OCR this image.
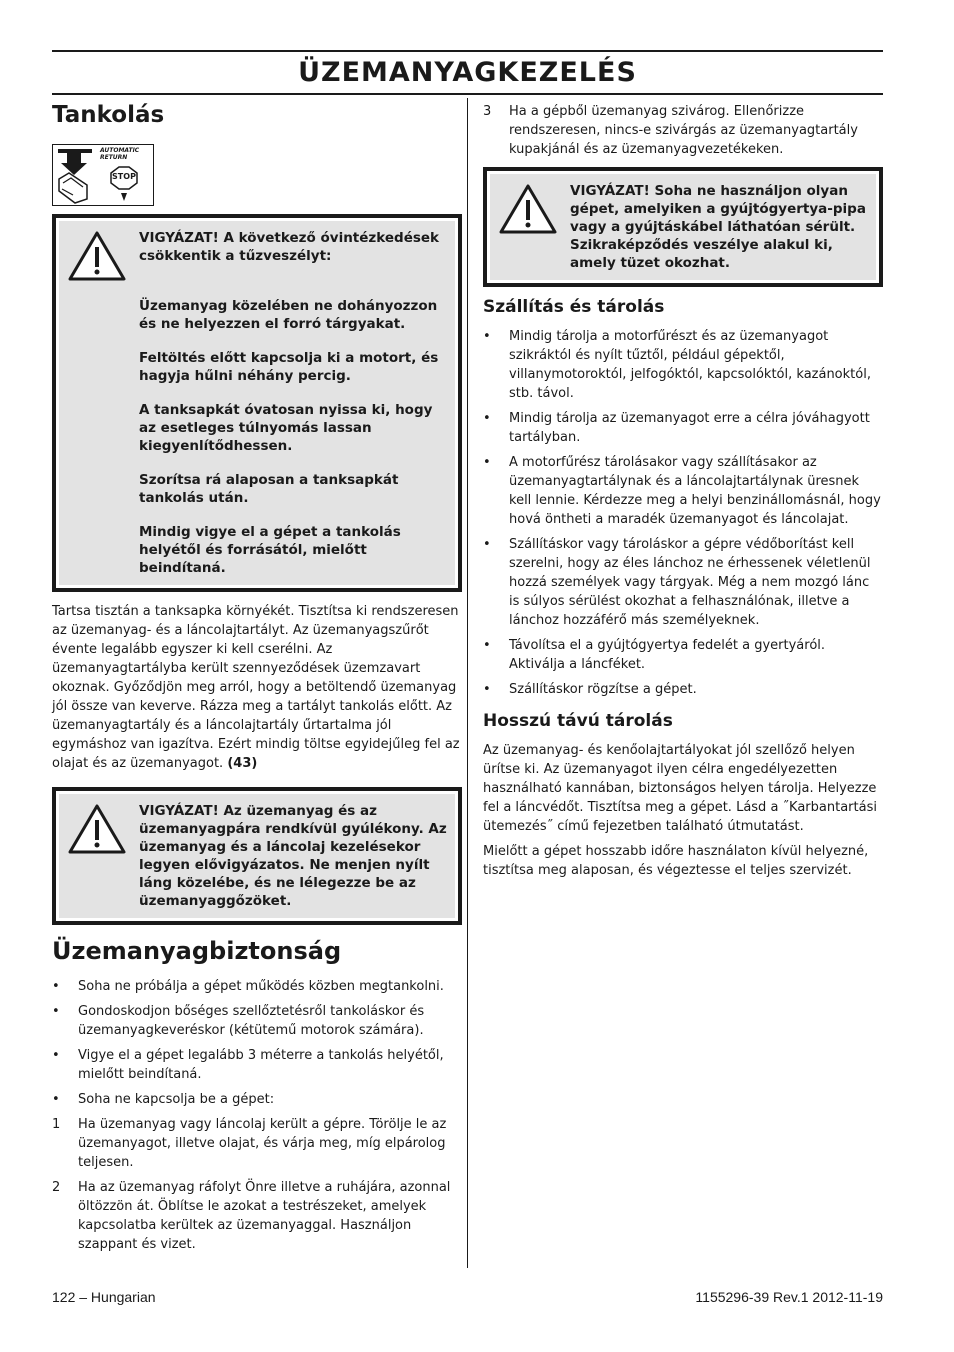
ÜZEMANYAGKEZELÉS
Tankolás
AUTOMATIC
RETURN
STOP

VIGYÁZAT! A következő óvintézkedések csökkentik a tűzveszélyt:

Üzemanyag közelében ne dohányozzon és ne helyezzen el forró tárgyakat.

Feltöltés előtt kapcsolja ki a motort, és hagyja hűlni néhány percig.

A tanksapkát óvatosan nyissa ki, hogy az esetleges túlnyomás lassan kiegyenlítődhessen.

Szorítsa rá alaposan a tanksapkát tankolás után.

Mindig vigye el a gépet a tankolás helyétől és forrásától, mielőtt beindítaná.

Tartsa tisztán a tanksapka környékét. Tisztítsa ki rendszeresen az üzemanyag- és a láncolajtartályt. Az üzemanyagszűrőt évente legalább egyszer ki kell cserélni. Az üzemanyagtartályba került szennyeződések üzemzavart okoznak. Győződjön meg arról, hogy a betöltendő üzemanyag jól össze van keverve. Rázza meg a tartályt tankolás előtt. Az üzemanyagtartály és a láncolajtartály űrtartalma jól egymáshoz van igazítva. Ezért mindig töltse egyidejűleg fel az olajat és az üzemanyagot. (43)

VIGYÁZAT! Az üzemanyag és az üzemanyagpára rendkívül gyúlékony. Az üzemanyag és a láncolaj kezelésekor legyen elővigyázatos. Ne menjen nyílt láng közelébe, és ne lélegezze be az üzemanyaggőzöket.

Üzemanyagbiztonság
•	Soha ne próbálja a gépet működés közben megtankolni.
•	Gondoskodjon bőséges szellőztetésről tankoláskor és üzemanyagkeveréskor (kétütemű motorok számára).
•	Vigye el a gépet legalább 3 méterre a tankolás helyétől, mielőtt beindítaná.
•	Soha ne kapcsolja be a gépet:
1	Ha üzemanyag vagy láncolaj került a gépre. Törölje le az üzemanyagot, illetve olajat, és várja meg, míg elpárolog teljesen.
2	Ha az üzemanyag ráfolyt Önre illetve a ruhájára, azonnal öltözzön át. Öblítse le azokat a testrészeket, amelyek kapcsolatba kerültek az üzemanyaggal. Használjon szappant és vizet.
3	Ha a gépből üzemanyag szivárog. Ellenőrizze rendszeresen, nincs-e szivárgás az üzemanyagtartály kupakjánál és az üzemanyagvezetékeken.

VIGYÁZAT! Soha ne használjon olyan gépet, amelyiken a gyújtógyertya-pipa vagy a gyújtáskábel láthatóan sérült. Szikraképződés veszélye alakul ki, amely tüzet okozhat.

Szállítás és tárolás
•	Mindig tárolja a motorfűrészt és az üzemanyagot szikráktól és nyílt tűztől, például gépektől, villanymotoroktól, jelfogóktól, kapcsolóktól, kazánoktól, stb. távol.
•	Mindig tárolja az üzemanyagot erre a célra jóváhagyott tartályban.
•	A motorfűrész tárolásakor vagy szállításakor az üzemanyagtartálynak és a láncolajtartálynak üresnek kell lennie. Kérdezze meg a helyi benzinállomásnál, hogy hová öntheti a maradék üzemanyagot és láncolajat.
•	Szállításkor vagy tároláskor a gépre védőborítást kell szerelni, hogy az éles lánchoz ne érhessenek véletlenül hozzá személyek vagy tárgyak. Még a nem mozgó lánc is súlyos sérülést okozhat a felhasználónak, illetve a lánchoz hozzáférő más személyeknek.
•	Távolítsa el a gyújtógyertya fedelét a gyertyáról. Aktiválja a láncféket.
•	Szállításkor rögzítse a gépet.
Hosszú távú tárolás

Az üzemanyag- és kenőolajtartályokat jól szellőző helyen ürítse ki. Az üzemanyagot ilyen célra engedélyezetten használható kannában, biztonságos helyen tárolja. Helyezze fel a láncvédőt. Tisztítsa meg a gépet. Lásd a ˝Karbantartási ütemezés˝ című fejezetben található útmutatást.

Mielőtt a gépet hosszabb időre használaton kívül helyezné, tisztítsa meg alaposan, és végeztesse el teljes szervizét.

122 – Hungarian	1155296-39 Rev.1 2012-11-19
